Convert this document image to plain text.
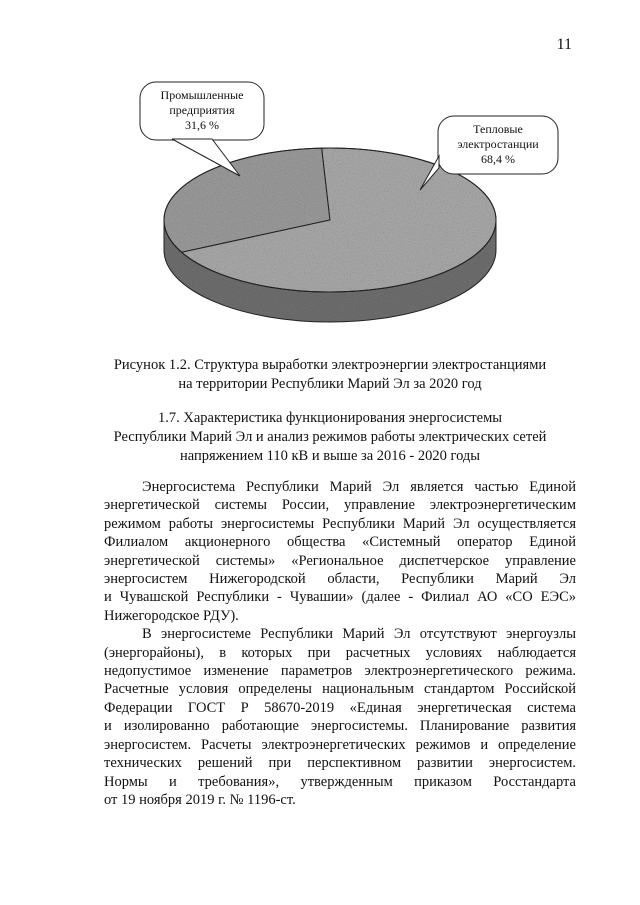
11
Промышленные
предприятия
31,6 %	Тепловые
электростанции
68,4 %
Рисунок 1.2. Структура выработки электроэнергии электростанциями
на территории Республики Марий Эл за 2020 год
1.7. Характеристика функционирования энергосистемы
Республики Марий Эл и анализ режимов работы электрических сетей
напряжением 110 кВ и выше за 2016 - 2020 годы
Энергосистема Республики Марий Эл является частью Единой
энергетической системы России, управление электроэнергетическим
режимом работы энергосистемы Республики Марий Эл осуществляется
Филиалом акционерного общества «Системный оператор Единой
энергетической системы» «Региональное диспетчерское управление
энергосистем Нижегородской области, Республики Марий Эл
и Чувашской Республики - Чувашии» (далее - Филиал АО «СО ЕЭС»
Нижегородское РДУ).
В энергосистеме Республики Марий Эл отсутствуют энергоузлы
(энергорайоны), в которых при расчетных условиях наблюдается
недопустимое изменение параметров электроэнергетического режима.
Расчетные условия определены национальным стандартом Российской
Федерации ГОСТ Р 58670-2019 «Единая энергетическая система
и изолированно работающие энергосистемы. Планирование развития
энергосистем. Расчеты электроэнергетических режимов и определение
технических решений при перспективном развитии энергосистем.
Нормы и требования», утвержденным приказом Росстандарта
от 19 ноября 2019 г. № 1196-ст.
